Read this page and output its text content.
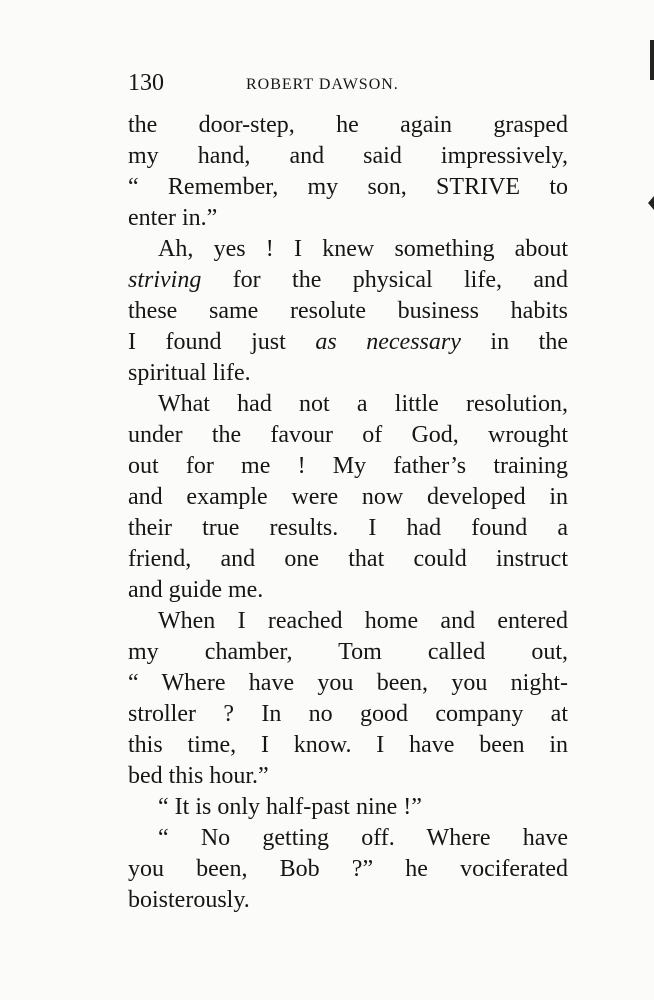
130	ROBERT DAWSON.
the door-step, he again grasped
my hand, and said impressively,
“ Remember, my son, STRIVE to
enter in.”
Ah, yes ! I knew something about
striving for the physical life, and
these same resolute business habits
I found just as necessary in the
spiritual life.
What had not a little resolution,
under the favour of God, wrought
out for me ! My father’s training
and example were now developed in
their true results. I had found a
friend, and one that could instruct
and guide me.
When I reached home and entered
my chamber, Tom called out,
“ Where have you been, you night-
stroller ? In no good company at
this time, I know. I have been in
bed this hour.”
“ It is only half-past nine !”
“ No getting off. Where have
you been, Bob ?” he vociferated
boisterously.
